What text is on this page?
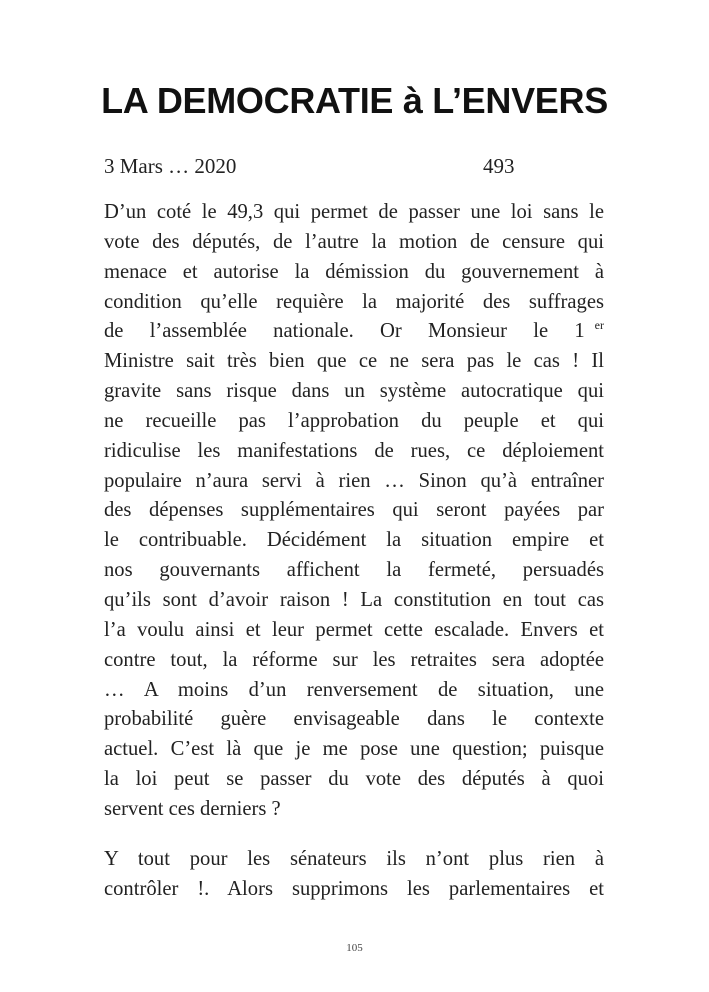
LA DEMOCRATIE à L’ENVERS
3 Mars … 2020	493
D’un coté le 49,3 qui permet de passer une loi sans le
vote des députés, de l’autre la motion de censure qui
menace et autorise la démission du gouvernement à
condition qu’elle requière la majorité des suffrages
de l’assemblée nationale. Or Monsieur le 1 $^{er}$
Ministre sait très bien que ce ne sera pas le cas ! Il
gravite sans risque dans un système autocratique qui
ne recueille pas l’approbation du peuple et qui
ridiculise les manifestations de rues, ce déploiement
populaire n’aura servi à rien … Sinon qu’à entraîner
des dépenses supplémentaires qui seront payées par
le contribuable. Décidément la situation empire et
nos gouvernants affichent la fermeté, persuadés
qu’ils sont d’avoir raison ! La constitution en tout cas
l’a voulu ainsi et leur permet cette escalade. Envers et
contre tout, la réforme sur les retraites sera adoptée
… A moins d’un renversement de situation, une
probabilité guère envisageable dans le contexte
actuel. C’est là que je me pose une question; puisque
la loi peut se passer du vote des députés à quoi
servent ces derniers ?
Y tout pour les sénateurs ils n’ont plus rien à
contrôler !. Alors supprimons les parlementaires et
105
